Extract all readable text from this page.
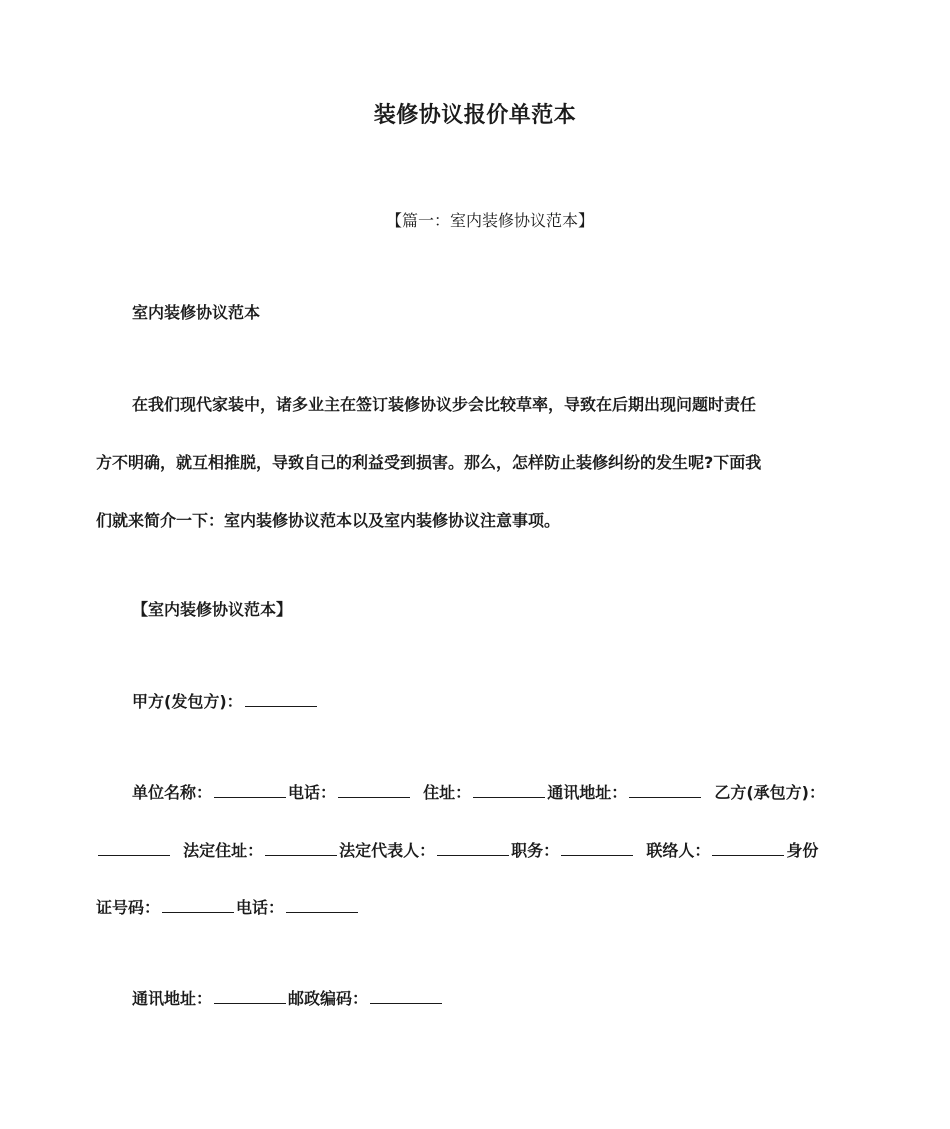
装修协议报价单范本
【篇一：室内装修协议范本】
室内装修协议范本
在我们现代家装中，诸多业主在签订装修协议步会比较草率，导致在后期出现问题时责任
方不明确，就互相推脱，导致自己的利益受到损害。那么，怎样防止装修纠纷的发生呢?下面我
们就来简介一下：室内装修协议范本以及室内装修协议注意事项。
【室内装修协议范本】
甲方(发包方)：
单位名称：	电话：	住址：	通讯地址：	乙方(承包方)：
法定住址：	法定代表人：	职务：	联络人：	身份
证号码：	电话：
通讯地址：	邮政编码：
